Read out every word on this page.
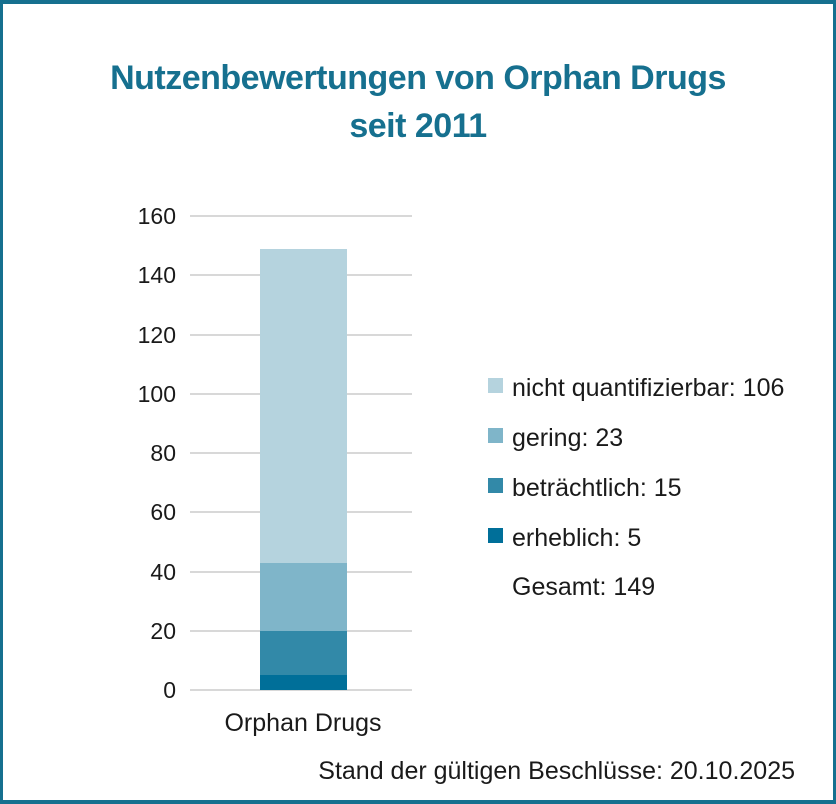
Nutzenbewertungen von Orphan Drugs
seit 2011
Orphan Drugs
0
20
40
60
80
100
120
140
160
Gesamt: 149
nicht quantifizierbar: 106
gering: 23
beträchtlich: 15
erheblich: 5
Stand der gültigen Beschlüsse: 20.10.2025
